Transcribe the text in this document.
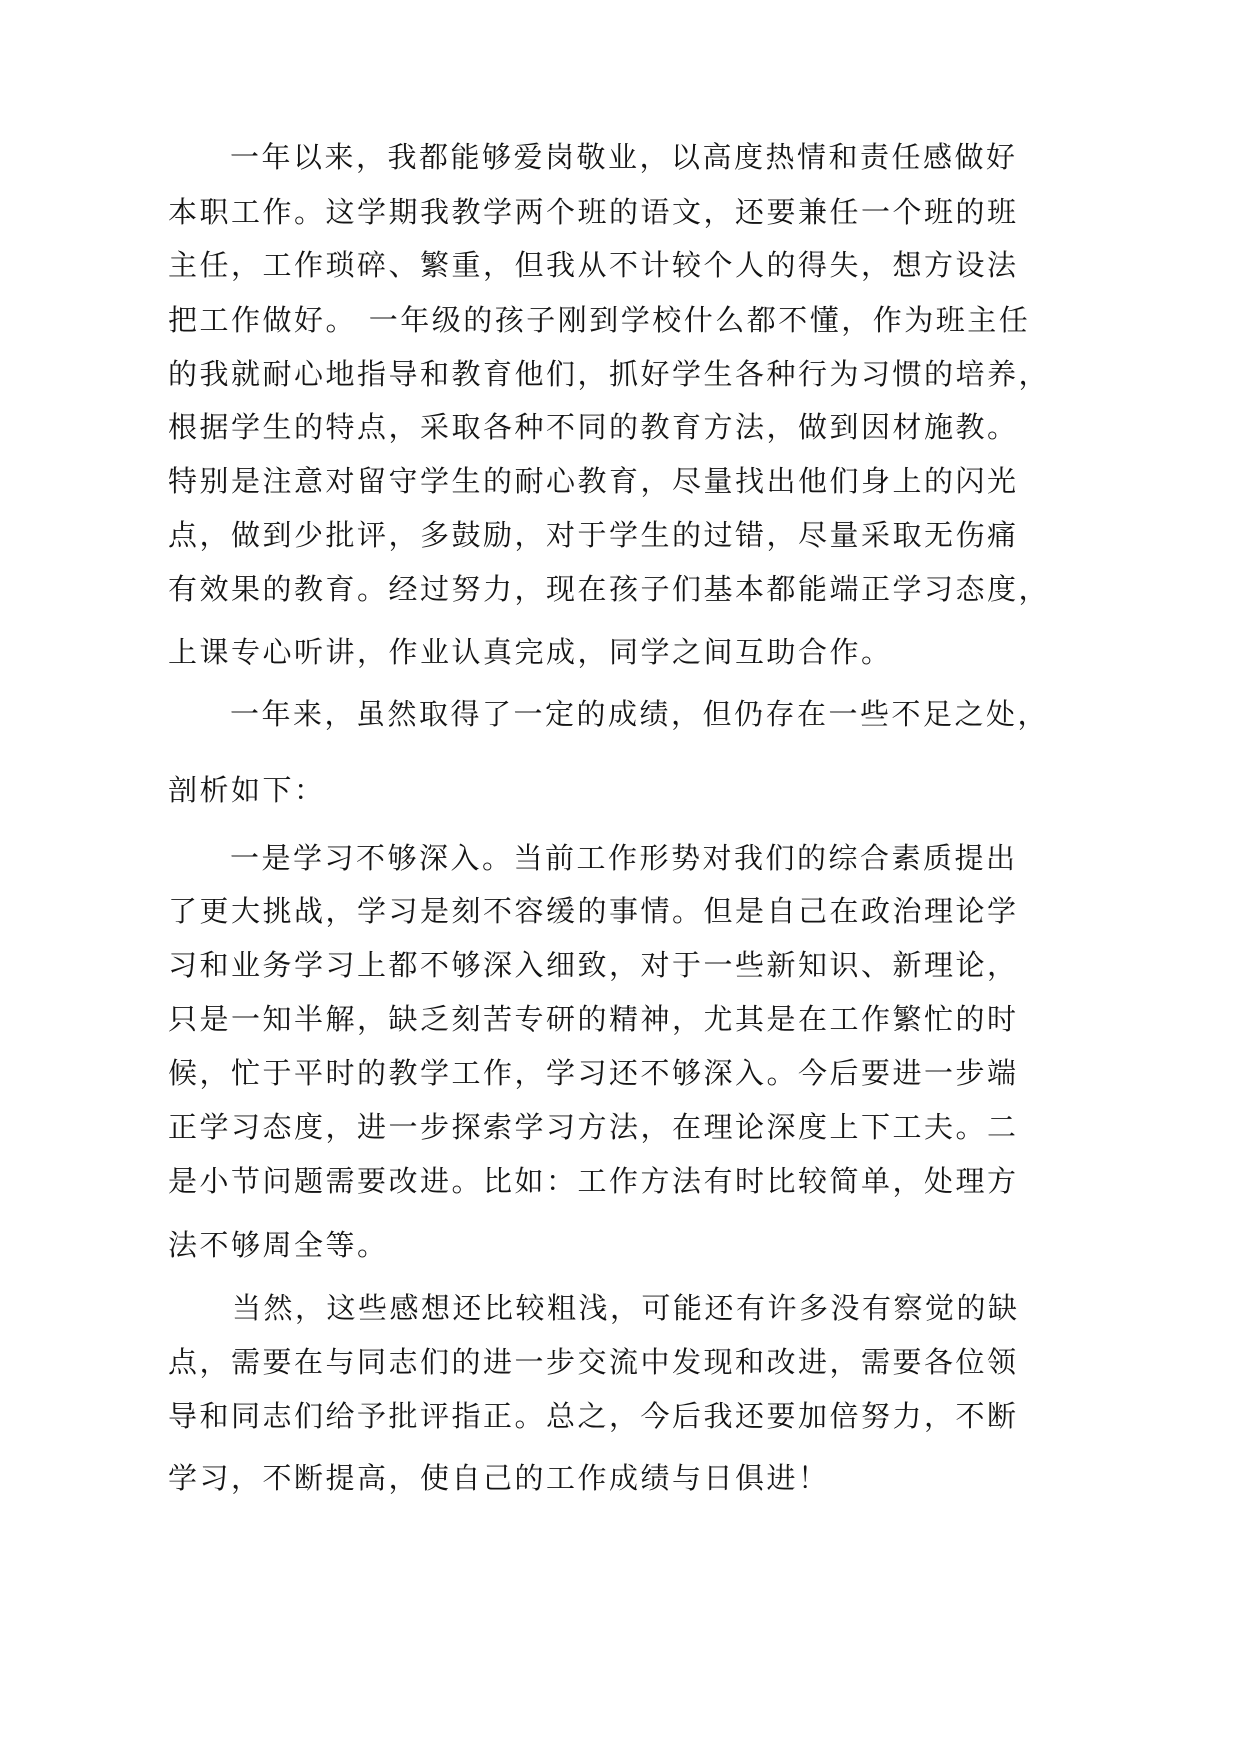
一年以来，我都能够爱岗敬业，以高度热情和责任感做好
本职工作。这学期我教学两个班的语文，还要兼任一个班的班
主任，工作琐碎、繁重，但我从不计较个人的得失，想方设法
把工作做好。 一年级的孩子刚到学校什么都不懂，作为班主任
的我就耐心地指导和教育他们，抓好学生各种行为习惯的培养，
根据学生的特点，采取各种不同的教育方法，做到因材施教。
特别是注意对留守学生的耐心教育，尽量找出他们身上的闪光
点，做到少批评，多鼓励，对于学生的过错，尽量采取无伤痛
有效果的教育。经过努力，现在孩子们基本都能端正学习态度，
上课专心听讲，作业认真完成，同学之间互助合作。
一年来，虽然取得了一定的成绩，但仍存在一些不足之处，
剖析如下：
一是学习不够深入。当前工作形势对我们的综合素质提出
了更大挑战，学习是刻不容缓的事情。但是自己在政治理论学
习和业务学习上都不够深入细致，对于一些新知识、新理论，
只是一知半解，缺乏刻苦专研的精神，尤其是在工作繁忙的时
候，忙于平时的教学工作，学习还不够深入。今后要进一步端
正学习态度，进一步探索学习方法，在理论深度上下工夫。二
是小节问题需要改进。比如：工作方法有时比较简单，处理方
法不够周全等。
当然，这些感想还比较粗浅，可能还有许多没有察觉的缺
点，需要在与同志们的进一步交流中发现和改进，需要各位领
导和同志们给予批评指正。总之，今后我还要加倍努力，不断
学习，不断提高，使自己的工作成绩与日俱进！
